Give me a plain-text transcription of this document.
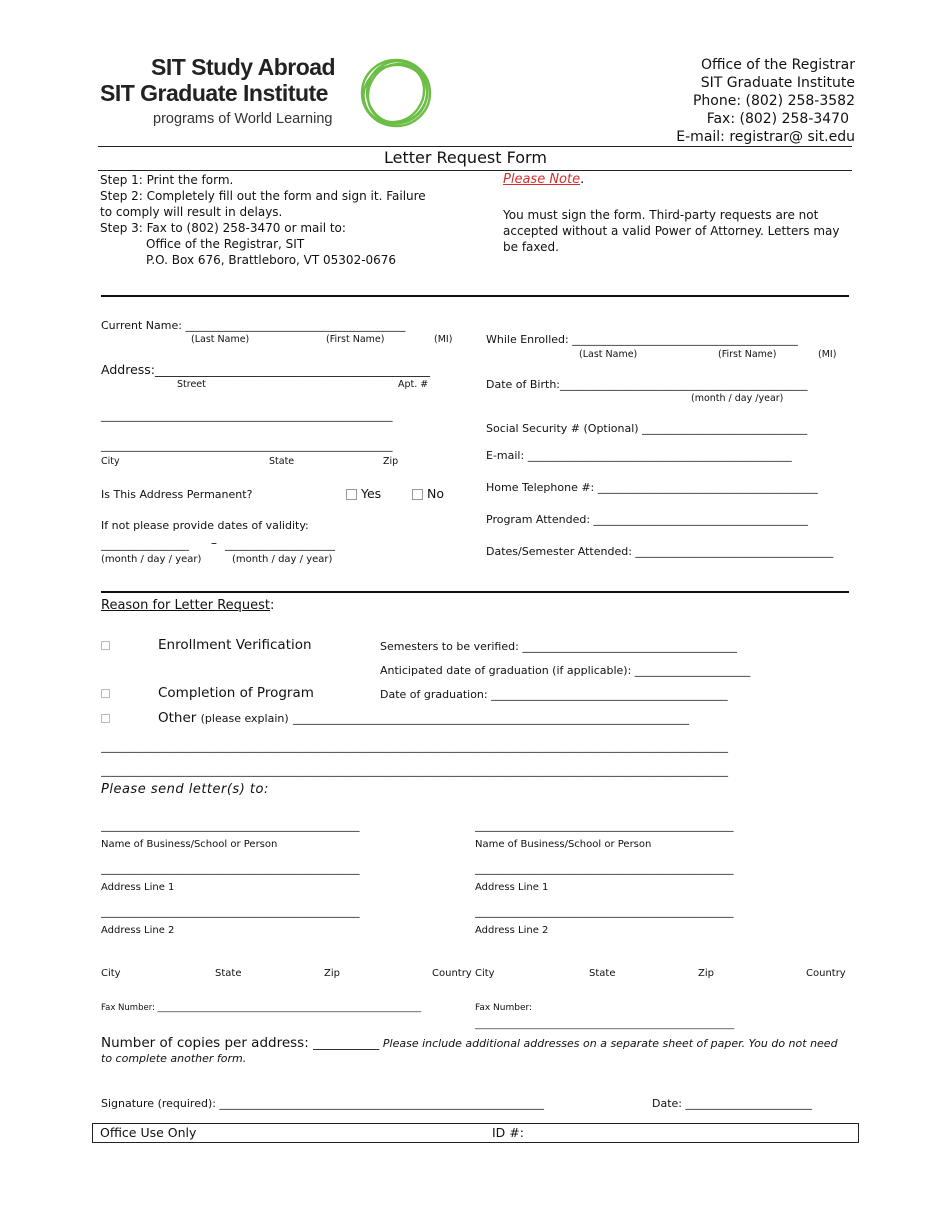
SIT Study Abroad
SIT Graduate Institute
programs of World Learning
Office of the Registrar
SIT Graduate Institute
Phone: (802) 258-3582
Fax: (802) 258-3470
E-mail: registrar@ sit.edu
Letter Request Form
Step 1: Print the form.
Step 2: Completely fill out the form and sign it. Failure
to comply will result in delays.
Step 3: Fax to (802) 258-3470 or mail to:
Office of the Registrar, SIT
P.O. Box 676, Brattleboro, VT 05302-0676
Please Note.
You must sign the form. Third-party requests are not accepted without a valid Power of Attorney. Letters may be faxed.
Current Name: ________________________________________
(Last Name)	(First Name)	(MI)
Address:____________________________________________
Street	Apt. #
_____________________________________________________
_____________________________________________________
City	State	Zip
Is This Address Permanent?	Yes	No
If not please provide dates of validity:
________________ – ____________________
(month / day / year)	(month / day / year)
While Enrolled: _________________________________________
(Last Name)	(First Name)	(MI)
Date of Birth:_____________________________________________
(month / day /year)
Social Security # (Optional) ______________________________
E-mail: ________________________________________________
Home Telephone #: ________________________________________
Program Attended: _______________________________________
Dates/Semester Attended: ____________________________________
Reason for Letter Request:
Enrollment Verification	Semesters to be verified: _______________________________________
Anticipated date of graduation (if applicable): _____________________
Completion of Program	Date of graduation: ___________________________________________
Other (please explain) ________________________________________________________________________
__________________________________________________________________________________________________________________
__________________________________________________________________________________________________________________
Please send letter(s) to:
_______________________________________________
Name of Business/School or Person
_______________________________________________
Address Line 1
_______________________________________________
Address Line 2
City	State	Zip	Country
Fax Number: ______________________________________________________________
_______________________________________________
Name of Business/School or Person
_______________________________________________
Address Line 1
_______________________________________________
Address Line 2
City	State	Zip	Country
Fax Number:
_____________________________________________________________
Number of copies per address: ___________ Please include additional addresses on a separate sheet of paper. You do not need to complete another form.
Signature (required): ___________________________________________________________	Date: _______________________
Office Use Only	ID #:
